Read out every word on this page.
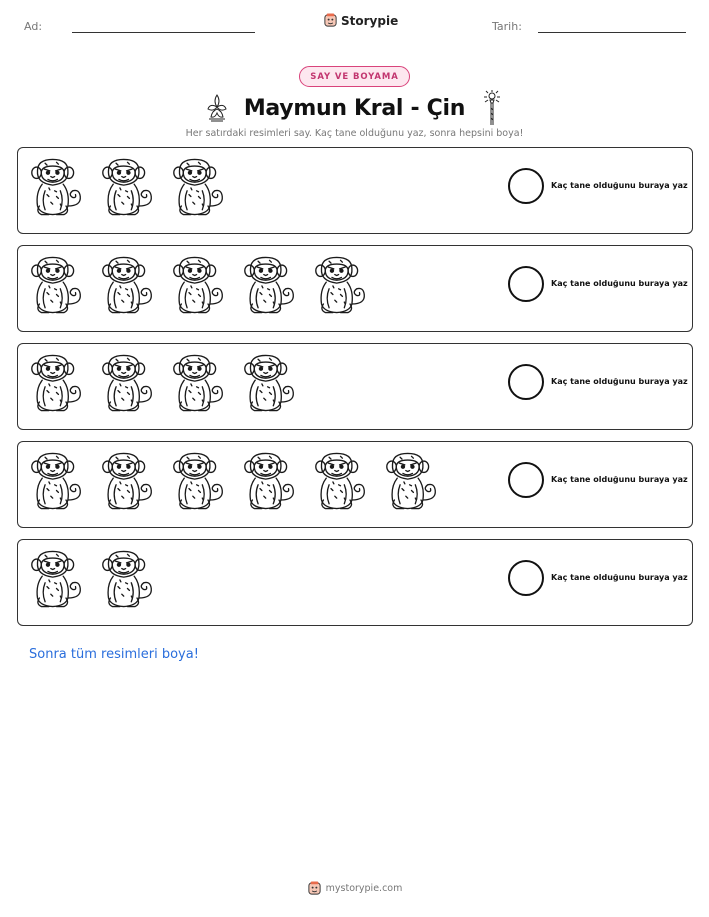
Ad:	Storypie	Tarih:
SAY VE BOYAMA
Maymun Kral - Çin
Her satırdaki resimleri say. Kaç tane olduğunu yaz, sonra hepsini boya!
Kaç tane olduğunu buraya yaz
Kaç tane olduğunu buraya yaz
Kaç tane olduğunu buraya yaz
Kaç tane olduğunu buraya yaz
Kaç tane olduğunu buraya yaz
Sonra tüm resimleri boya!
mystorypie.com
